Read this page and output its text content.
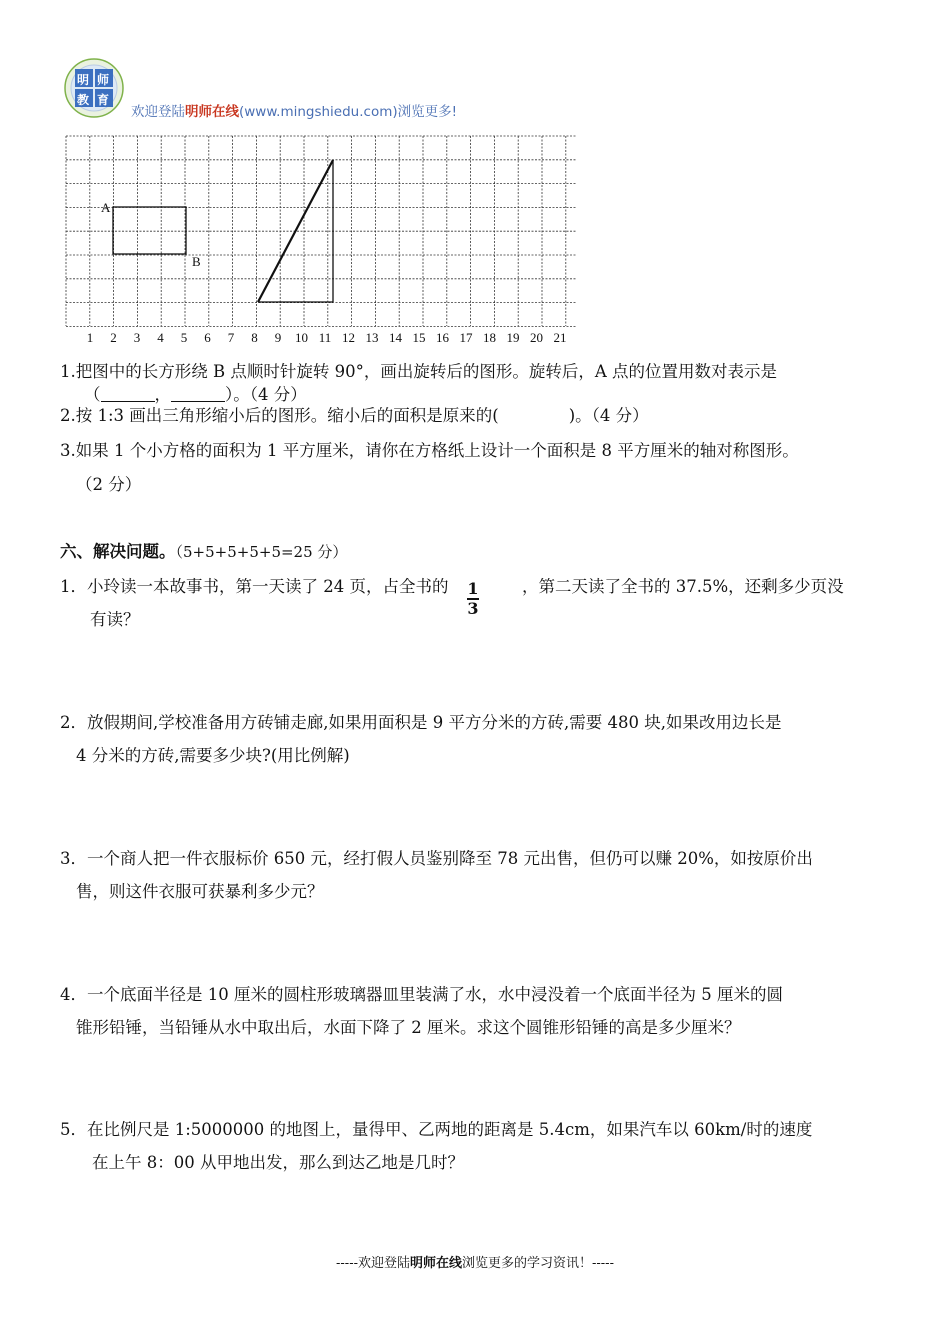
明 师
教 育
欢迎登陆明师在线(www.mingshiedu.com)浏览更多!
A
B
1 2 3 4 5 6 7 8 9 10 11 12 13 14 15 16 17 18 19 20 21
1.把图中的长方形绕 B 点顺时针旋转 90°，画出旋转后的图形。旋转后，A 点的位置用数对表示是
（	，	）。（4 分）
2.按 1:3 画出三角形缩小后的图形。缩小后的面积是原来的(	)。（4 分）
3.如果 1 个小方格的面积为 1 平方厘米，请你在方格纸上设计一个面积是 8 平方厘米的轴对称图形。
（2 分）
六、解决问题。（5+5+5+5+5=25 分）
1．小玲读一本故事书，第一天读了 24 页，占全书的 1
3
，第二天读了全书的 37.5%，还剩多少页没
有读？
2．放假期间,学校准备用方砖铺走廊,如果用面积是 9 平方分米的方砖,需要 480 块,如果改用边长是
4 分米的方砖,需要多少块?(用比例解)
3．一个商人把一件衣服标价 650 元，经打假人员鉴别降至 78 元出售，但仍可以赚 20%，如按原价出
售，则这件衣服可获暴利多少元？
4．一个底面半径是 10 厘米的圆柱形玻璃器皿里装满了水，水中浸没着一个底面半径为 5 厘米的圆
锥形铅锤，当铅锤从水中取出后，水面下降了 2 厘米。求这个圆锥形铅锤的高是多少厘米？
5．在比例尺是 1:5000000 的地图上，量得甲、乙两地的距离是 5.4cm，如果汽车以 60km/时的速度
在上午 8：00 从甲地出发，那么到达乙地是几时？
-----欢迎登陆明师在线浏览更多的学习资讯！-----
